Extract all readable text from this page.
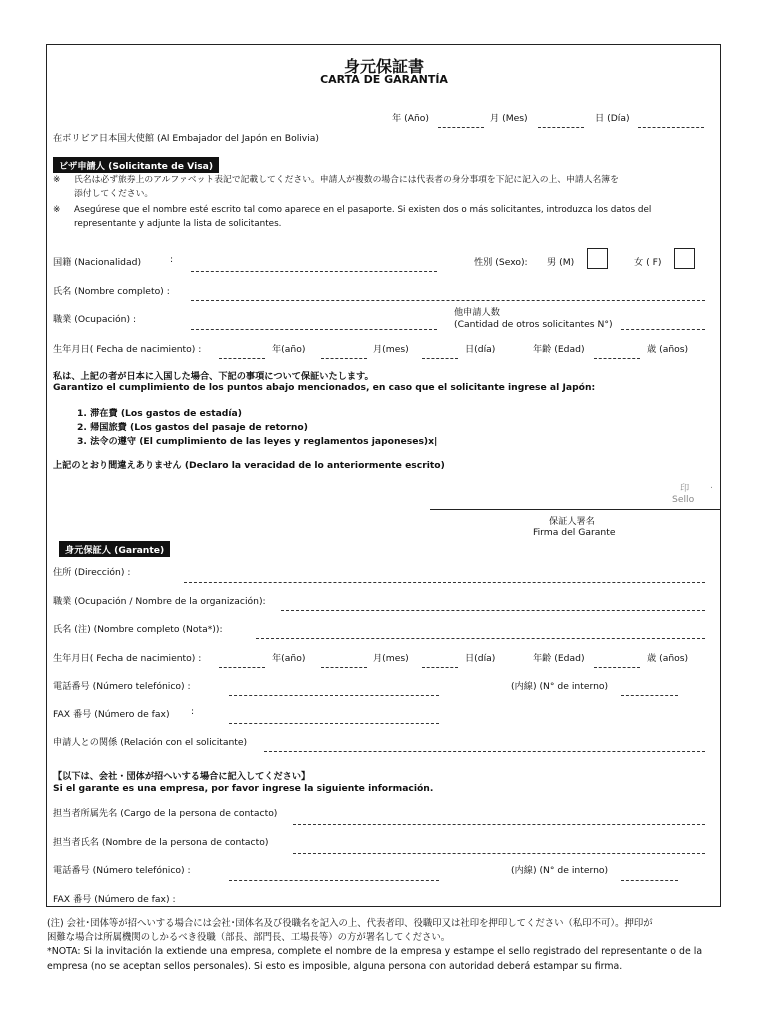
身元保証書
CARTA DE GARANTÍA
年 (Año)	月 (Mes)	日 (Día)
在ボリビア日本国大使館 (Al Embajador del Japón en Bolivia)
ビザ申請人 (Solicitante de Visa)
※ 氏名は必ず旅券上のアルファベット表記で記載してください。申請人が複数の場合には代表者の身分事項を下記に記入の上、申請人名簿を
添付してください。
※ Asegúrese que el nombre esté escrito tal como aparece en el pasaporte. Si existen dos o más solicitantes, introduzca los datos del
representante y adjunte la lista de solicitantes.
国籍 (Nacionalidad)	:	性別 (Sexo): 男 (M)	女 ( F)
氏名 (Nombre completo) :
他申請人数
職業 (Ocupación) :	(Cantidad de otros solicitantes N°)
生年月日( Fecha de nacimiento) :	年(año)	月(mes)	日(día)	年齢 (Edad)	歳 (años)
私は、上記の者が日本に入国した場合、下記の事項について保証いたします。
Garantizo el cumplimiento de los puntos abajo mencionados, en caso que el solicitante ingrese al Japón:
1. 滞在費 (Los gastos de estadía)
2. 帰国旅費 (Los gastos del pasaje de retorno)
3. 法令の遵守 (El cumplimiento de las leyes y reglamentos japoneses)x|
上記のとおり間違えありません (Declaro la veracidad de lo anteriormente escrito)
印 .
Sello
保証人署名
Firma del Garante
身元保証人 (Garante)
住所 (Dirección) :
職業 (Ocupación / Nombre de la organización):
氏名 (注) (Nombre completo (Nota*)):
生年月日( Fecha de nacimiento) :	年(año)	月(mes)	日(día)	年齢 (Edad)	歳 (años)
電話番号 (Número telefónico) :	(内線) (N° de interno)
FAX 番号 (Número de fax) :
申請人との関係 (Relación con el solicitante)
【以下は、会社・団体が招へいする場合に記入してください】
Si el garante es una empresa, por favor ingrese la siguiente información.
担当者所属先名 (Cargo de la persona de contacto)
担当者氏名 (Nombre de la persona de contacto)
電話番号 (Número telefónico) :	(内線) (N° de interno)
FAX 番号 (Número de fax) :
(注) 会社･団体等が招へいする場合には会社･団体名及び役職名を記入の上、代表者印、役職印又は社印を押印してください（私印不可）。押印が
困難な場合は所属機関のしかるべき役職（部長、部門長、工場長等）の方が署名してください。
*NOTA: Si la invitación la extiende una empresa, complete el nombre de la empresa y estampe el sello registrado del representante o de la
empresa (no se aceptan sellos personales). Si esto es imposible, alguna persona con autoridad deberá estampar su firma.
